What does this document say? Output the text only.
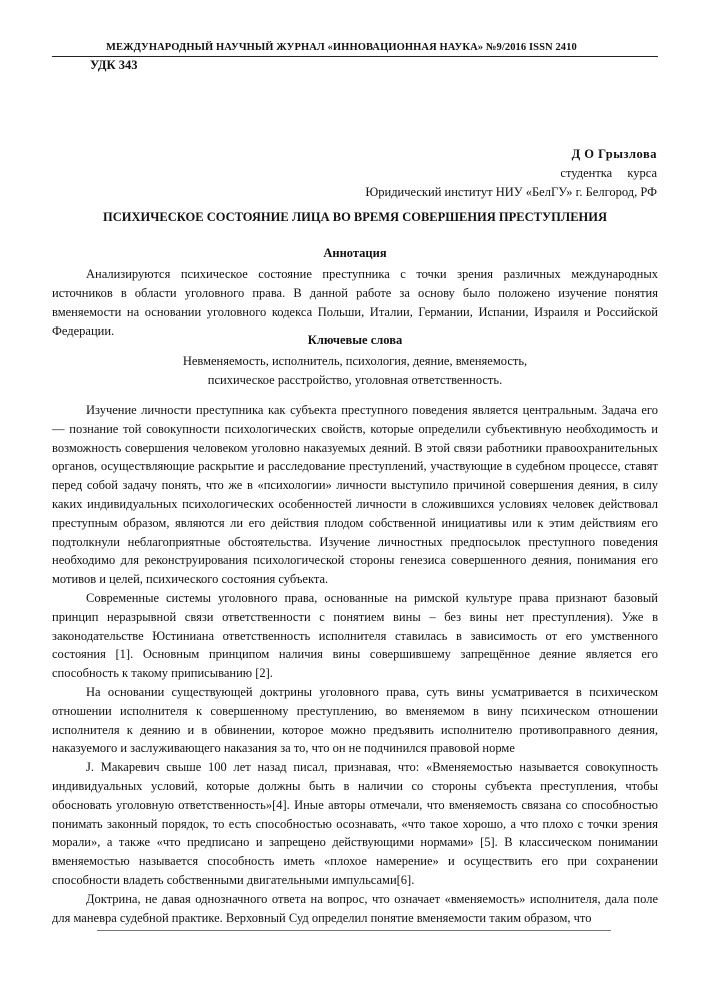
МЕЖДУНАРОДНЫЙ НАУЧНЫЙ ЖУРНАЛ «ИННОВАЦИОННАЯ НАУКА» №9/2016 ISSN 2410
УДК 343
Д О Грызлова
студентка курса
Юридический институт НИУ «БелГУ» г. Белгород, РФ
ПСИХИЧЕСКОЕ СОСТОЯНИЕ ЛИЦА ВО ВРЕМЯ СОВЕРШЕНИЯ ПРЕСТУПЛЕНИЯ
Аннотация

Анализируются психическое состояние преступника с точки зрения различных международных источников в области уголовного права. В данной работе за основу было положено изучение понятия вменяемости на основании уголовного кодекса Польши, Италии, Германии, Испании, Израиля и Российской Федерации.

Ключевые слова
Невменяемость, исполнитель, психология, деяние, вменяемость,
психическое расстройство, уголовная ответственность.

Изучение личности преступника как субъекта преступного поведения является центральным. Задача его — познание той совокупности психологических свойств, которые определили субъективную необходимость и возможность совершения человеком уголовно наказуемых деяний. В этой связи работники правоохранительных органов, осуществляющие раскрытие и расследование преступлений, участвующие в судебном процессе, ставят перед собой задачу понять, что же в «психологии» личности выступило причиной совершения деяния, в силу каких индивидуальных психологических особенностей личности в сложившихся условиях человек действовал преступным образом, являются ли его действия плодом собственной инициативы или к этим действиям его подтолкнули неблагоприятные обстоятельства. Изучение личностных предпосылок преступного поведения необходимо для реконструирования психологической стороны генезиса совершенного деяния, понимания его мотивов и целей, психического состояния субъекта.

Современные системы уголовного права, основанные на римской культуре права признают базовый принцип неразрывной связи ответственности с понятием вины – без вины нет преступления). Уже в законодательстве Юстиниана ответственность исполнителя ставилась в зависимость от его умственного состояния [1]. Основным принципом наличия вины совершившему запрещённое деяние является его способность к такому приписыванию [2].

На основании существующей доктрины уголовного права, суть вины усматривается в психическом отношении исполнителя к совершенному преступлению, во вменяемом в вину психическом отношении исполнителя к деянию и в обвинении, которое можно предъявить исполнителю противоправного деяния, наказуемого и заслуживающего наказания за то, что он не подчинился правовой норме

J. Макаревич свыше 100 лет назад писал, признавая, что: «Вменяемостью называется совокупность индивидуальных условий, которые должны быть в наличии со стороны субъекта преступления, чтобы обосновать уголовную ответственность»[4]. Иные авторы отмечали, что вменяемость связана со способностью понимать законный порядок, то есть способностью осознавать, «что такое хорошо, а что плохо с точки зрения морали», а также «что предписано и запрещено действующими нормами» [5]. В классическом понимании вменяемостью называется способность иметь «плохое намерение» и осуществить его при сохранении способности владеть собственными двигательными импульсами[6].

Доктрина, не давая однозначного ответа на вопрос, что означает «вменяемость» исполнителя, дала поле для маневра судебной практике. Верховный Суд определил понятие вменяемости таким образом, что
